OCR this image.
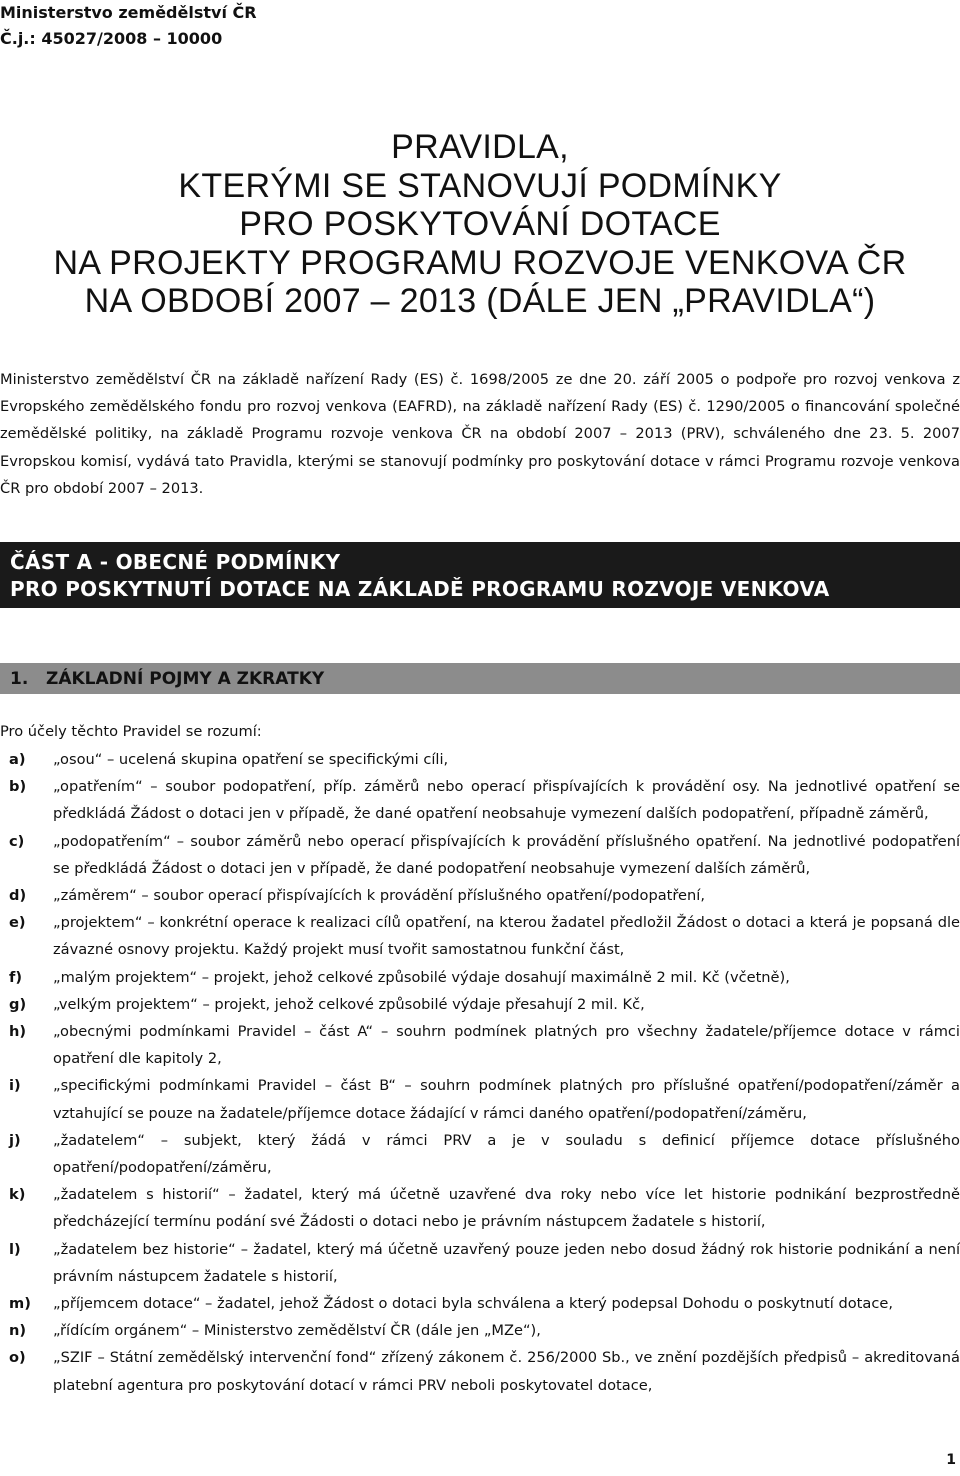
Ministerstvo zemědělství ČR
Č.j.: 45027/2008 – 10000
PRAVIDLA,
KTERÝMI SE STANOVUJÍ PODMÍNKY
PRO POSKYTOVÁNÍ DOTACE
NA PROJEKTY PROGRAMU ROZVOJE VENKOVA ČR
NA OBDOBÍ 2007 – 2013 (DÁLE JEN „PRAVIDLA“)

Ministerstvo zemědělství ČR na základě nařízení Rady (ES) č. 1698/2005 ze dne 20. září 2005 o podpoře pro rozvoj venkova z Evropského zemědělského fondu pro rozvoj venkova (EAFRD), na základě nařízení Rady (ES) č. 1290/2005 o financování společné zemědělské politiky, na základě Programu rozvoje venkova ČR na období 2007 – 2013 (PRV), schváleného dne 23. 5. 2007 Evropskou komisí, vydává tato Pravidla, kterými se stanovují podmínky pro poskytování dotace v rámci Programu rozvoje venkova ČR pro období 2007 – 2013.

ČÁST A - OBECNÉ PODMÍNKY
PRO POSKYTNUTÍ DOTACE NA ZÁKLADĚ PROGRAMU ROZVOJE VENKOVA
1. ZÁKLADNÍ POJMY A ZKRATKY
Pro účely těchto Pravidel se rozumí:
a) „ osou “ – ucelená skupina opatření se specifickými cíli,
b) „ opatřením “ – soubor podopatření, příp. záměrů nebo operací přispívajících k provádění osy. Na jednotlivé opatření se předkládá Žádost o dotaci jen v případě, že dané opatření neobsahuje vymezení dalších podopatření, případně záměrů,
c) „ podopatřením “ – soubor záměrů nebo operací přispívajících k provádění příslušného opatření. Na jednotlivé podopatření se předkládá Žádost o dotaci jen v případě, že dané podopatření neobsahuje vymezení dalších záměrů,
d) „ záměrem “ – soubor operací přispívajících k provádění příslušného opatření/podopatření,
e) „ projektem “ – konkrétní operace k realizaci cílů opatření, na kterou žadatel předložil Žádost o dotaci a která je popsaná dle závazné osnovy projektu. Každý projekt musí tvořit samostatnou funkční část,
f)	„ malým projektem “ – projekt, jehož celkové způsobilé výdaje dosahují maximálně 2 mil. Kč (včetně),
g) „ velkým projektem “ – projekt, jehož celkové způsobilé výdaje přesahují 2 mil. Kč,
h) „ obecnými podmínkami Pravidel – část A “ – souhrn podmínek platných pro všechny žadatele/příjemce dotace v rámci opatření dle kapitoly 2,
i)	„ specifickými podmínkami Pravidel – část B “ – souhrn podmínek platných pro příslušné opatření/podopatření/záměr a vztahující se pouze na žadatele/příjemce dotace žádající v rámci daného opatření/podopatření/záměru,
j)	„ žadatelem “ – subjekt, který žádá v rámci PRV a je v souladu s definicí příjemce dotace příslušného opatření/podopatření/záměru,
k) „ žadatelem s historií “ – žadatel, který má účetně uzavřené dva roky nebo více let historie podnikání bezprostředně předcházející termínu podání své Žádosti o dotaci nebo je právním nástupcem žadatele s historií,
l)	„ žadatelem bez historie “ – žadatel, který má účetně uzavřený pouze jeden nebo dosud žádný rok historie podnikání a není právním nástupcem žadatele s historií,
m) „ příjemcem dotace “ – žadatel, jehož Žádost o dotaci byla schválena a který podepsal Dohodu o poskytnutí dotace,
n) „ řídícím orgánem “ – Ministerstvo zemědělství ČR (dále jen „MZe“),
o) „ SZIF – Státní zemědělský intervenční fond “ zřízený zákonem č. 256/2000 Sb., ve znění pozdějších předpisů – akreditovaná platební agentura pro poskytování dotací v rámci PRV neboli poskytovatel dotace,
1
